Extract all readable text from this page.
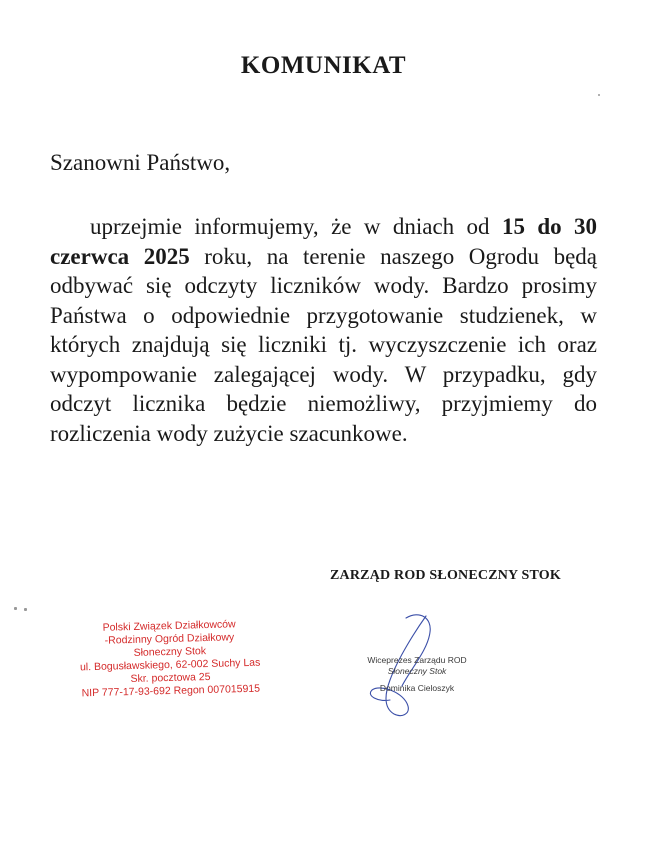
KOMUNIKAT

Szanowni Państwo,

uprzejmie informujemy, że w dniach od 15 do 30 czerwca 2025 roku, na terenie naszego Ogrodu będą odbywać się odczyty liczników wody. Bardzo prosimy Państwa o odpowiednie przygotowanie studzienek, w których znajdują się liczniki tj. wyczyszczenie ich oraz wypompowanie zalegającej wody. W przypadku, gdy odczyt licznika będzie niemożliwy, przyjmiemy do rozliczenia wody zużycie szacunkowe.

ZARZĄD ROD SŁONECZNY STOK

Polski Związek Działkowców
-Rodzinny Ogród Działkowy
Słoneczny Stok
ul. Bogusławskiego, 62-002 Suchy Las
Skr. pocztowa 25
NIP 777-17-93-692 Regon 007015915
Wiceprezes Zarządu ROD
Słoneczny Stok
Dominika Cieloszyk
